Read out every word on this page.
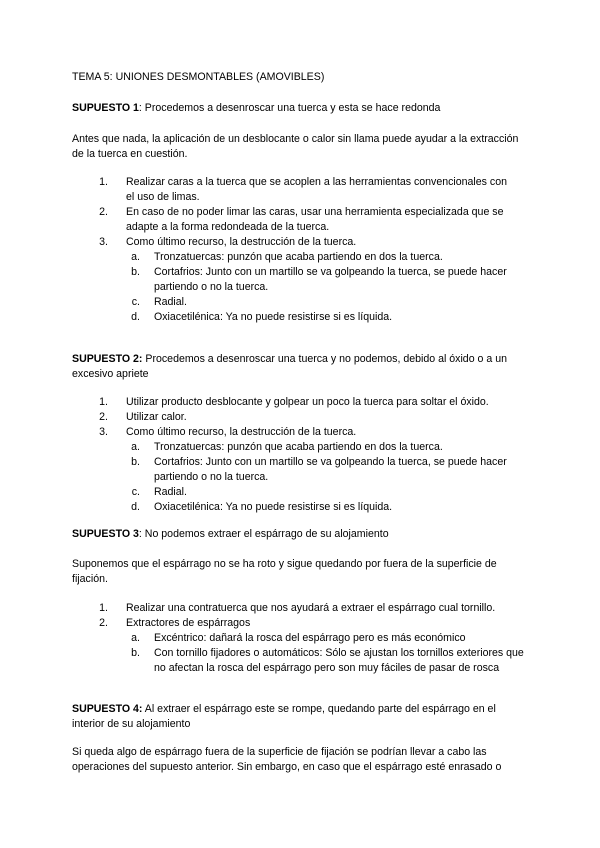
TEMA 5: UNIONES DESMONTABLES (AMOVIBLES)

SUPUESTO 1: Procedemos a desenroscar una tuerca y esta se hace redonda

Antes que nada, la aplicación de un desblocante o calor sin llama puede ayudar a la extracción de la tuerca en cuestión.

1. Realizar caras a la tuerca que se acoplen a las herramientas convencionales con el uso de limas.
2. En caso de no poder limar las caras, usar una herramienta especializada que se adapte a la forma redondeada de la tuerca.
3. Como último recurso, la destrucción de la tuerca.
a. Tronzatuercas: punzón que acaba partiendo en dos la tuerca.
b. Cortafrios: Junto con un martillo se va golpeando la tuerca, se puede hacer partiendo o no la tuerca.
c. Radial.
d. Oxiacetilénica: Ya no puede resistirse si es líquida.

SUPUESTO 2: Procedemos a desenroscar una tuerca y no podemos, debido al óxido o a un excesivo apriete

1. Utilizar producto desblocante y golpear un poco la tuerca para soltar el óxido.
2. Utilizar calor.
3. Como último recurso, la destrucción de la tuerca.
a. Tronzatuercas: punzón que acaba partiendo en dos la tuerca.
b. Cortafrios: Junto con un martillo se va golpeando la tuerca, se puede hacer partiendo o no la tuerca.
c. Radial.
d. Oxiacetilénica: Ya no puede resistirse si es líquida.

SUPUESTO 3: No podemos extraer el espárrago de su alojamiento

Suponemos que el espárrago no se ha roto y sigue quedando por fuera de la superficie de fijación.

1. Realizar una contratuerca que nos ayudará a extraer el espárrago cual tornillo.
2. Extractores de espárragos
a. Excéntrico: dañará la rosca del espárrago pero es más económico
b. Con tornillo fijadores o automáticos: Sólo se ajustan los tornillos exteriores que no afectan la rosca del espárrago pero son muy fáciles de pasar de rosca

SUPUESTO 4: Al extraer el espárrago este se rompe, quedando parte del espárrago en el interior de su alojamiento

Si queda algo de espárrago fuera de la superficie de fijación se podrían llevar a cabo las operaciones del supuesto anterior. Sin embargo, en caso que el espárrago esté enrasado o
